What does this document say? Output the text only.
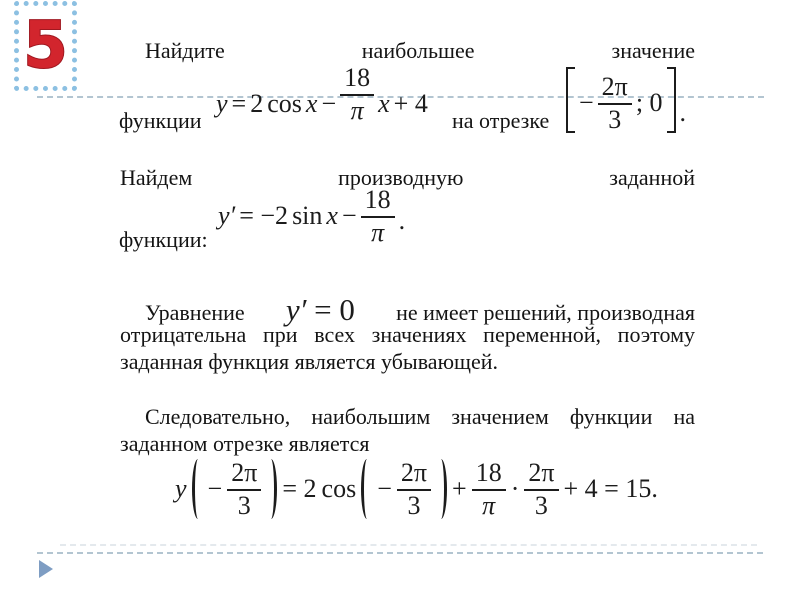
5	Найдите наибольшее значение
функции
y = 2 $\cos x - \frac{18}{\pi}$ x + 4
на отрезке
− $\frac{2\pi}{3}$ ; 0 .
Найдем производную заданной
функции:
y′ = −2 $\sin x - \frac{18}{\pi}$ .
Уравнение y′ = 0 не имеет решений, производная
отрицательна при всех значениях переменной, поэтому
заданная функция является убывающей.
Следовательно, наибольшим значением функции на
заданном отрезке является
$y - \frac{2\pi}{3} = 2$ $\cos - \frac{2\pi}{3} + \frac{18}{\pi} \cdot \frac{2\pi}{3} + 4 = 15$.
